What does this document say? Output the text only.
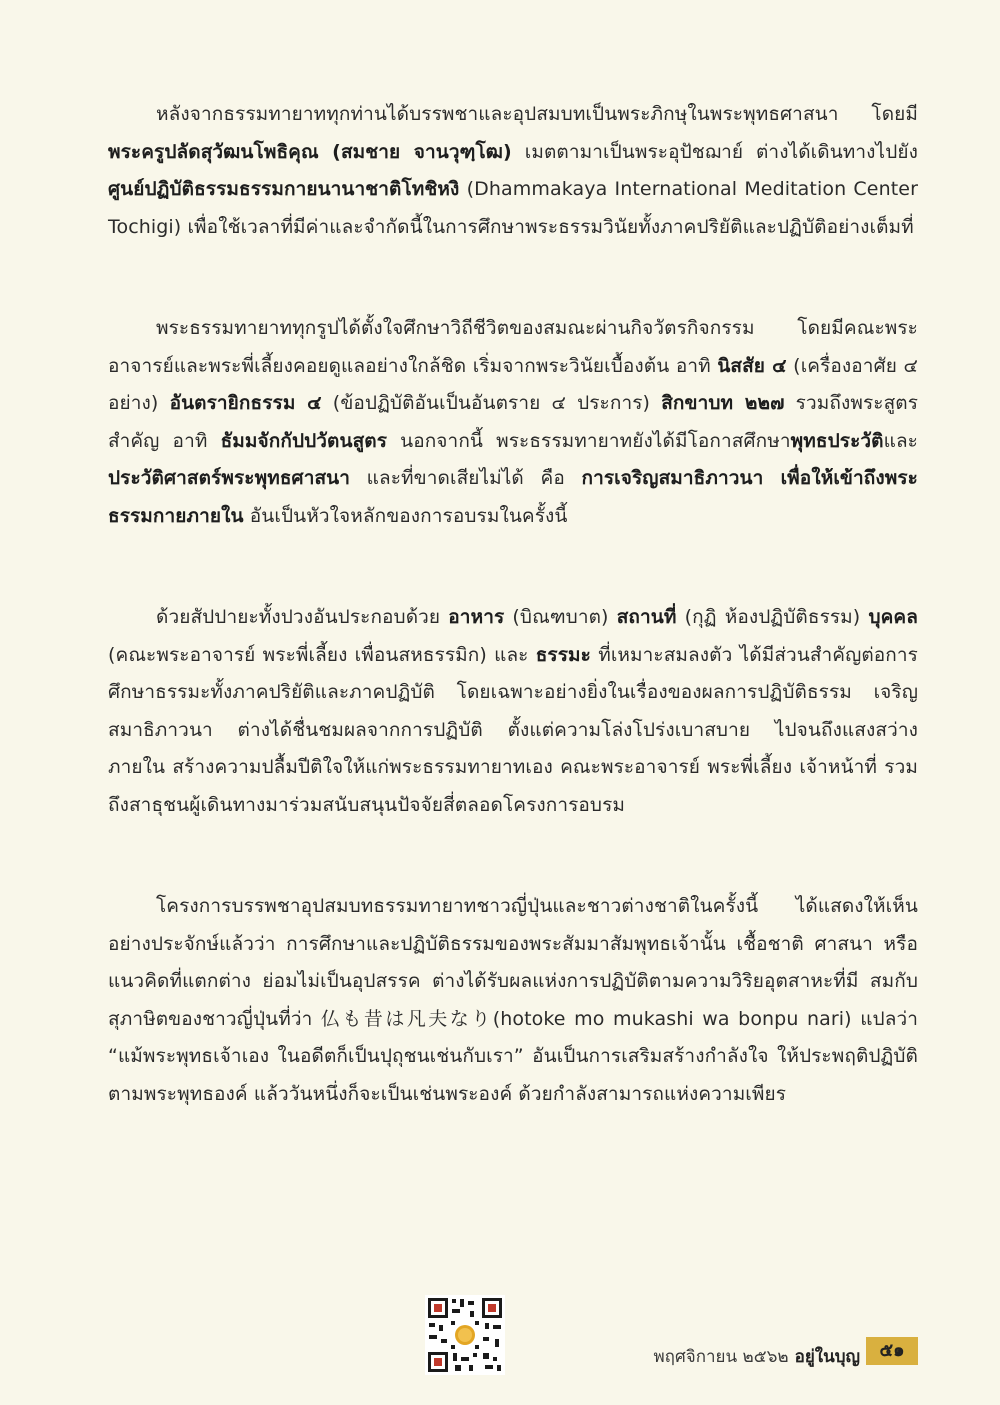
หลังจากธรรมทายาททุกท่านได้บรรพชาและอุปสมบทเป็นพระภิกษุในพระพุทธศาสนา โดยมีพระครูปลัดสุวัฒนโพธิคุณ (สมชาย จานวุฑฺโฒ) เมตตามาเป็นพระอุปัชฌาย์ ต่างได้เดินทางไปยังศูนย์ปฏิบัติธรรมธรรมกายนานาชาติโทชิหงิ (Dhammakaya International Meditation Center Tochigi) เพื่อใช้เวลาที่มีค่าและจำกัดนี้ในการศึกษาพระธรรมวินัยทั้งภาคปริยัติและปฏิบัติอย่างเต็มที่

พระธรรมทายาททุกรูปได้ตั้งใจศึกษาวิถีชีวิตของสมณะผ่านกิจวัตรกิจกรรม โดยมีคณะพระอาจารย์และพระพี่เลี้ยงคอยดูแลอย่างใกล้ชิด เริ่มจากพระวินัยเบื้องต้น อาทิ นิสสัย ๔ (เครื่องอาศัย ๔ อย่าง) อันตรายิกธรรม ๔ (ข้อปฏิบัติอันเป็นอันตราย ๔ ประการ) สิกขาบท ๒๒๗ รวมถึงพระสูตรสำคัญ อาทิ ธัมมจักกัปปวัตนสูตร นอกจากนี้ พระธรรมทายาทยังได้มีโอกาสศึกษาพุทธประวัติและประวัติศาสตร์พระพุทธศาสนา และที่ขาดเสียไม่ได้ คือ การเจริญสมาธิภาวนา เพื่อให้เข้าถึงพระธรรมกายภายใน อันเป็นหัวใจหลักของการอบรมในครั้งนี้

ด้วยสัปปายะทั้งปวงอันประกอบด้วย อาหาร (บิณฑบาต) สถานที่ (กุฏิ ห้องปฏิบัติธรรม) บุคคล (คณะพระอาจารย์ พระพี่เลี้ยง เพื่อนสหธรรมิก) และ ธรรมะ ที่เหมาะสมลงตัว ได้มีส่วนสำคัญต่อการศึกษาธรรมะทั้งภาคปริยัติและภาคปฏิบัติ โดยเฉพาะอย่างยิ่งในเรื่องของผลการปฏิบัติธรรม เจริญสมาธิภาวนา ต่างได้ชื่นชมผลจากการปฏิบัติ ตั้งแต่ความโล่งโปร่งเบาสบาย ไปจนถึงแสงสว่างภายใน สร้างความปลื้มปีติใจให้แก่พระธรรมทายาทเอง คณะพระอาจารย์ พระพี่เลี้ยง เจ้าหน้าที่ รวมถึงสาธุชนผู้เดินทางมาร่วมสนับสนุนปัจจัยสี่ตลอดโครงการอบรม

โครงการบรรพชาอุปสมบทธรรมทายาทชาวญี่ปุ่นและชาวต่างชาติในครั้งนี้ ได้แสดงให้เห็นอย่างประจักษ์แล้วว่า การศึกษาและปฏิบัติธรรมของพระสัมมาสัมพุทธเจ้านั้น เชื้อชาติ ศาสนา หรือแนวคิดที่แตกต่าง ย่อมไม่เป็นอุปสรรค ต่างได้รับผลแห่งการปฏิบัติตามความวิริยอุตสาหะที่มี สมกับสุภาษิตของชาวญี่ปุ่นที่ว่า 仏も昔は凡夫なり(hotoke mo mukashi wa bonpu nari) แปลว่า “แม้พระพุทธเจ้าเอง ในอดีตก็เป็นปุถุชนเช่นกับเรา” อันเป็นการเสริมสร้างกำลังใจ ให้ประพฤติปฏิบัติตามพระพุทธองค์ แล้ววันหนึ่งก็จะเป็นเช่นพระองค์ ด้วยกำลังสามารถแห่งความเพียร

พฤศจิกายน ๒๕๖๒ อยู่ในบุญ	๕๑
